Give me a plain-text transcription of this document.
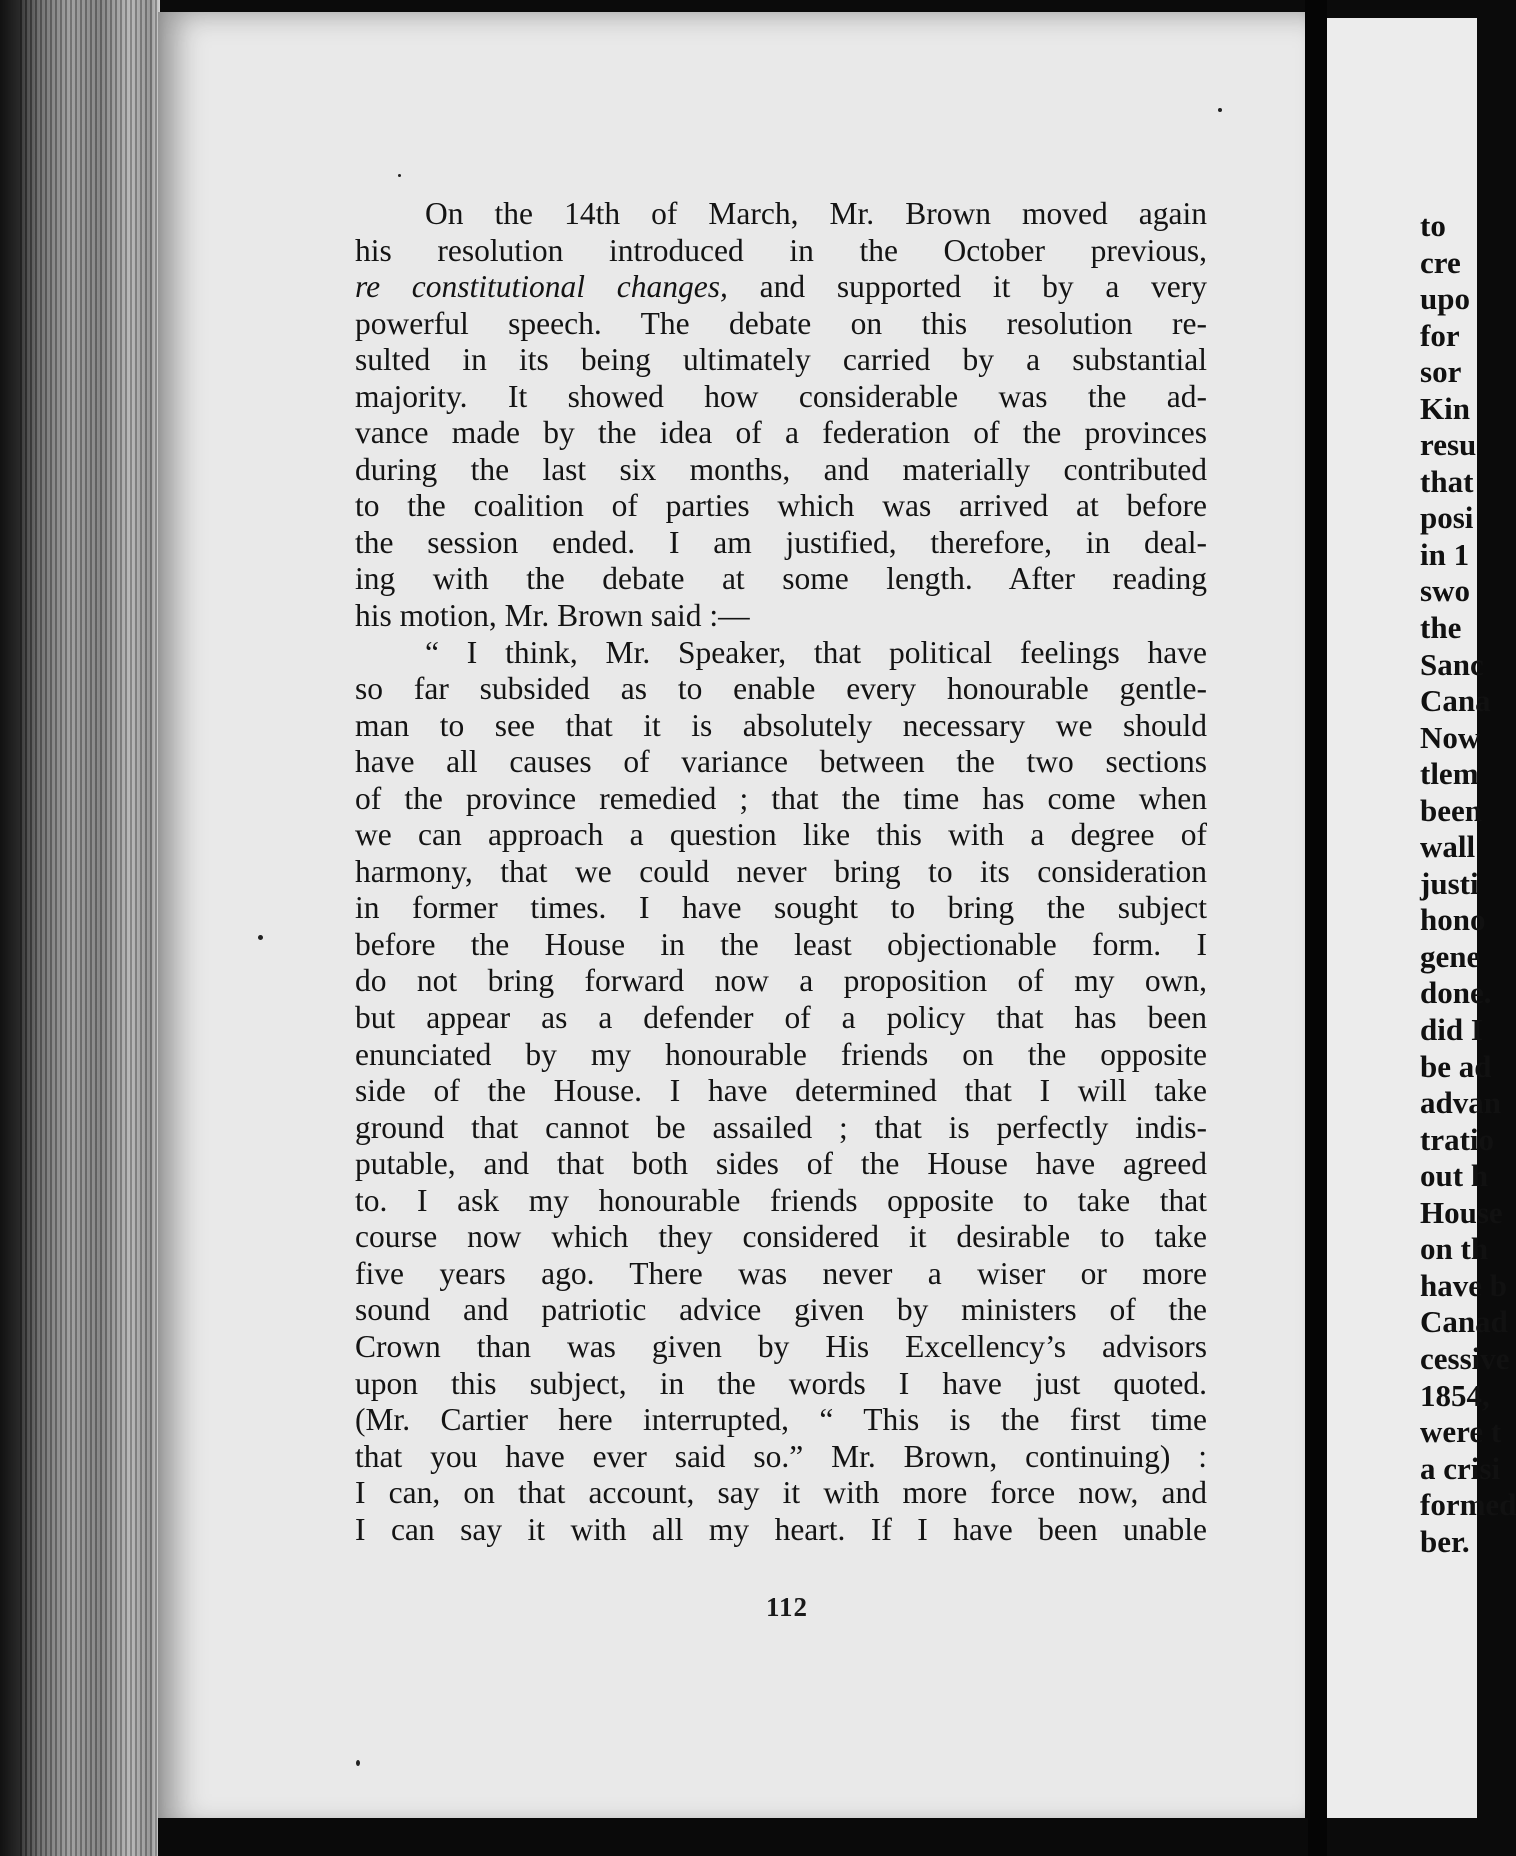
On the 14th of March, Mr. Brown moved again
his resolution introduced in the October previous,
re constitutional changes, and supported it by a very
powerful speech. The debate on this resolution re-
sulted in its being ultimately carried by a substantial
majority. It showed how considerable was the ad-
vance made by the idea of a federation of the provinces
during the last six months, and materially contributed
to the coalition of parties which was arrived at before
the session ended. I am justified, therefore, in deal-
ing with the debate at some length. After reading
his motion, Mr. Brown said :—
“ I think, Mr. Speaker, that political feelings have
so far subsided as to enable every honourable gentle-
man to see that it is absolutely necessary we should
have all causes of variance between the two sections
of the province remedied ; that the time has come when
we can approach a question like this with a degree of
harmony, that we could never bring to its consideration
in former times. I have sought to bring the subject
before the House in the least objectionable form. I
do not bring forward now a proposition of my own,
but appear as a defender of a policy that has been
enunciated by my honourable friends on the opposite
side of the House. I have determined that I will take
ground that cannot be assailed ; that is perfectly indis-
putable, and that both sides of the House have agreed
to. I ask my honourable friends opposite to take that
course now which they considered it desirable to take
five years ago. There was never a wiser or more
sound and patriotic advice given by ministers of the
Crown than was given by His Excellency’s advisors
upon this subject, in the words I have just quoted.
(Mr. Cartier here interrupted, “ This is the first time
that you have ever said so.” Mr. Brown, continuing) :
I can, on that account, say it with more force now, and
I can say it with all my heart. If I have been unable
112
to
cre
upo
for
sor
Kin
resu
that
posi
in 1
swo
the
Sanc
Cana
Now
tlem
been
wall
justi
hono
gene
done.
did I
be ad
advan
tratio
out h
House
on th
have b
Canad
cessive
1854,
were t
a crisi
formed
ber.
